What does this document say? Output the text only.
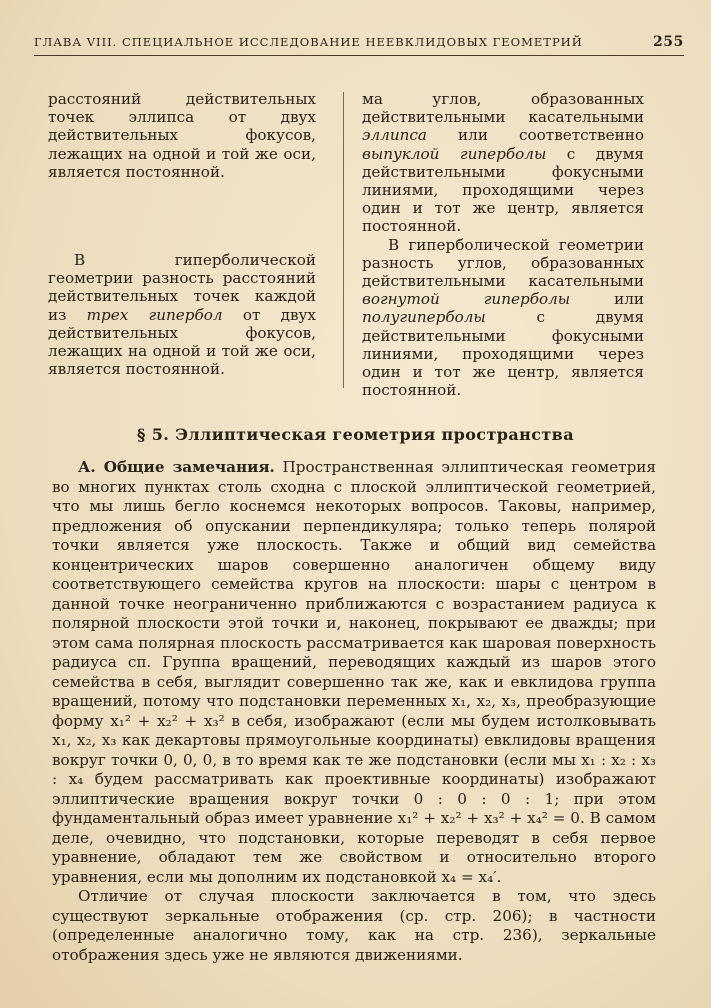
ГЛАВА VIII. СПЕЦИАЛЬНОЕ ИССЛЕДОВАНИЕ НЕЕВКЛИДОВЫХ ГЕОМЕТРИЙ	255

расстояний действительных точек эллипса от двух действительных фокусов, лежащих на одной и той же оси, является постоянной.

В гиперболической геометрии разность расстояний действительных точек каждой из трех гипербол от двух действительных фокусов, лежащих на одной и той же оси, является постоянной.

ма углов, образованных действительными касательными эллипса или соответственно выпуклой гиперболы с двумя действительными фокусными линиями, проходящими через один и тот же центр, является постоянной.

В гиперболической геометрии разность углов, образованных действительными касательными вогнутой гиперболы или полугиперболы с двумя действительными фокусными линиями, проходящими через один и тот же центр, является постоянной.

§ 5. Эллиптическая геометрия пространства

А. Общие замечания. Пространственная эллиптическая геометрия во многих пунктах столь сходна с плоской эллиптической геометрией, что мы лишь бегло коснемся некоторых вопросов. Таковы, например, предложения об опускании перпендикуляра; только теперь полярой точки является уже плоскость. Также и общий вид семейства концентрических шаров совершенно аналогичен общему виду соответствующего семейства кругов на плоскости: шары с центром в данной точке неограниченно приближаются с возрастанием радиуса к полярной плоскости этой точки и, наконец, покрывают ее дважды; при этом сама полярная плоскость рассматривается как шаровая поверхность радиуса cπ. Группа вращений, переводящих каждый из шаров этого семейства в себя, выглядит совершенно так же, как и евклидова группа вращений, потому что подстановки переменных x₁, x₂, x₃, преобразующие форму x₁² + x₂² + x₃² в себя, изображают (если мы будем истолковывать x₁, x₂, x₃ как декартовы прямоугольные координаты) евклидовы вращения вокруг точки 0, 0, 0, в то время как те же подстановки (если мы x₁ : x₂ : x₃ : x₄ будем рассматривать как проективные координаты) изображают эллиптические вращения вокруг точки 0 : 0 : 0 : 1; при этом фундаментальный образ имеет уравнение x₁² + x₂² + x₃² + x₄² = 0. В самом деле, очевидно, что подстановки, которые переводят в себя первое уравнение, обладают тем же свойством и относительно второго уравнения, если мы дополним их подстановкой x₄ = x₄′.

Отличие от случая плоскости заключается в том, что здесь существуют зеркальные отображения (ср. стр. 206); в частности (определенные аналогично тому, как на стр. 236), зеркальные отображения здесь уже не являются движениями.
